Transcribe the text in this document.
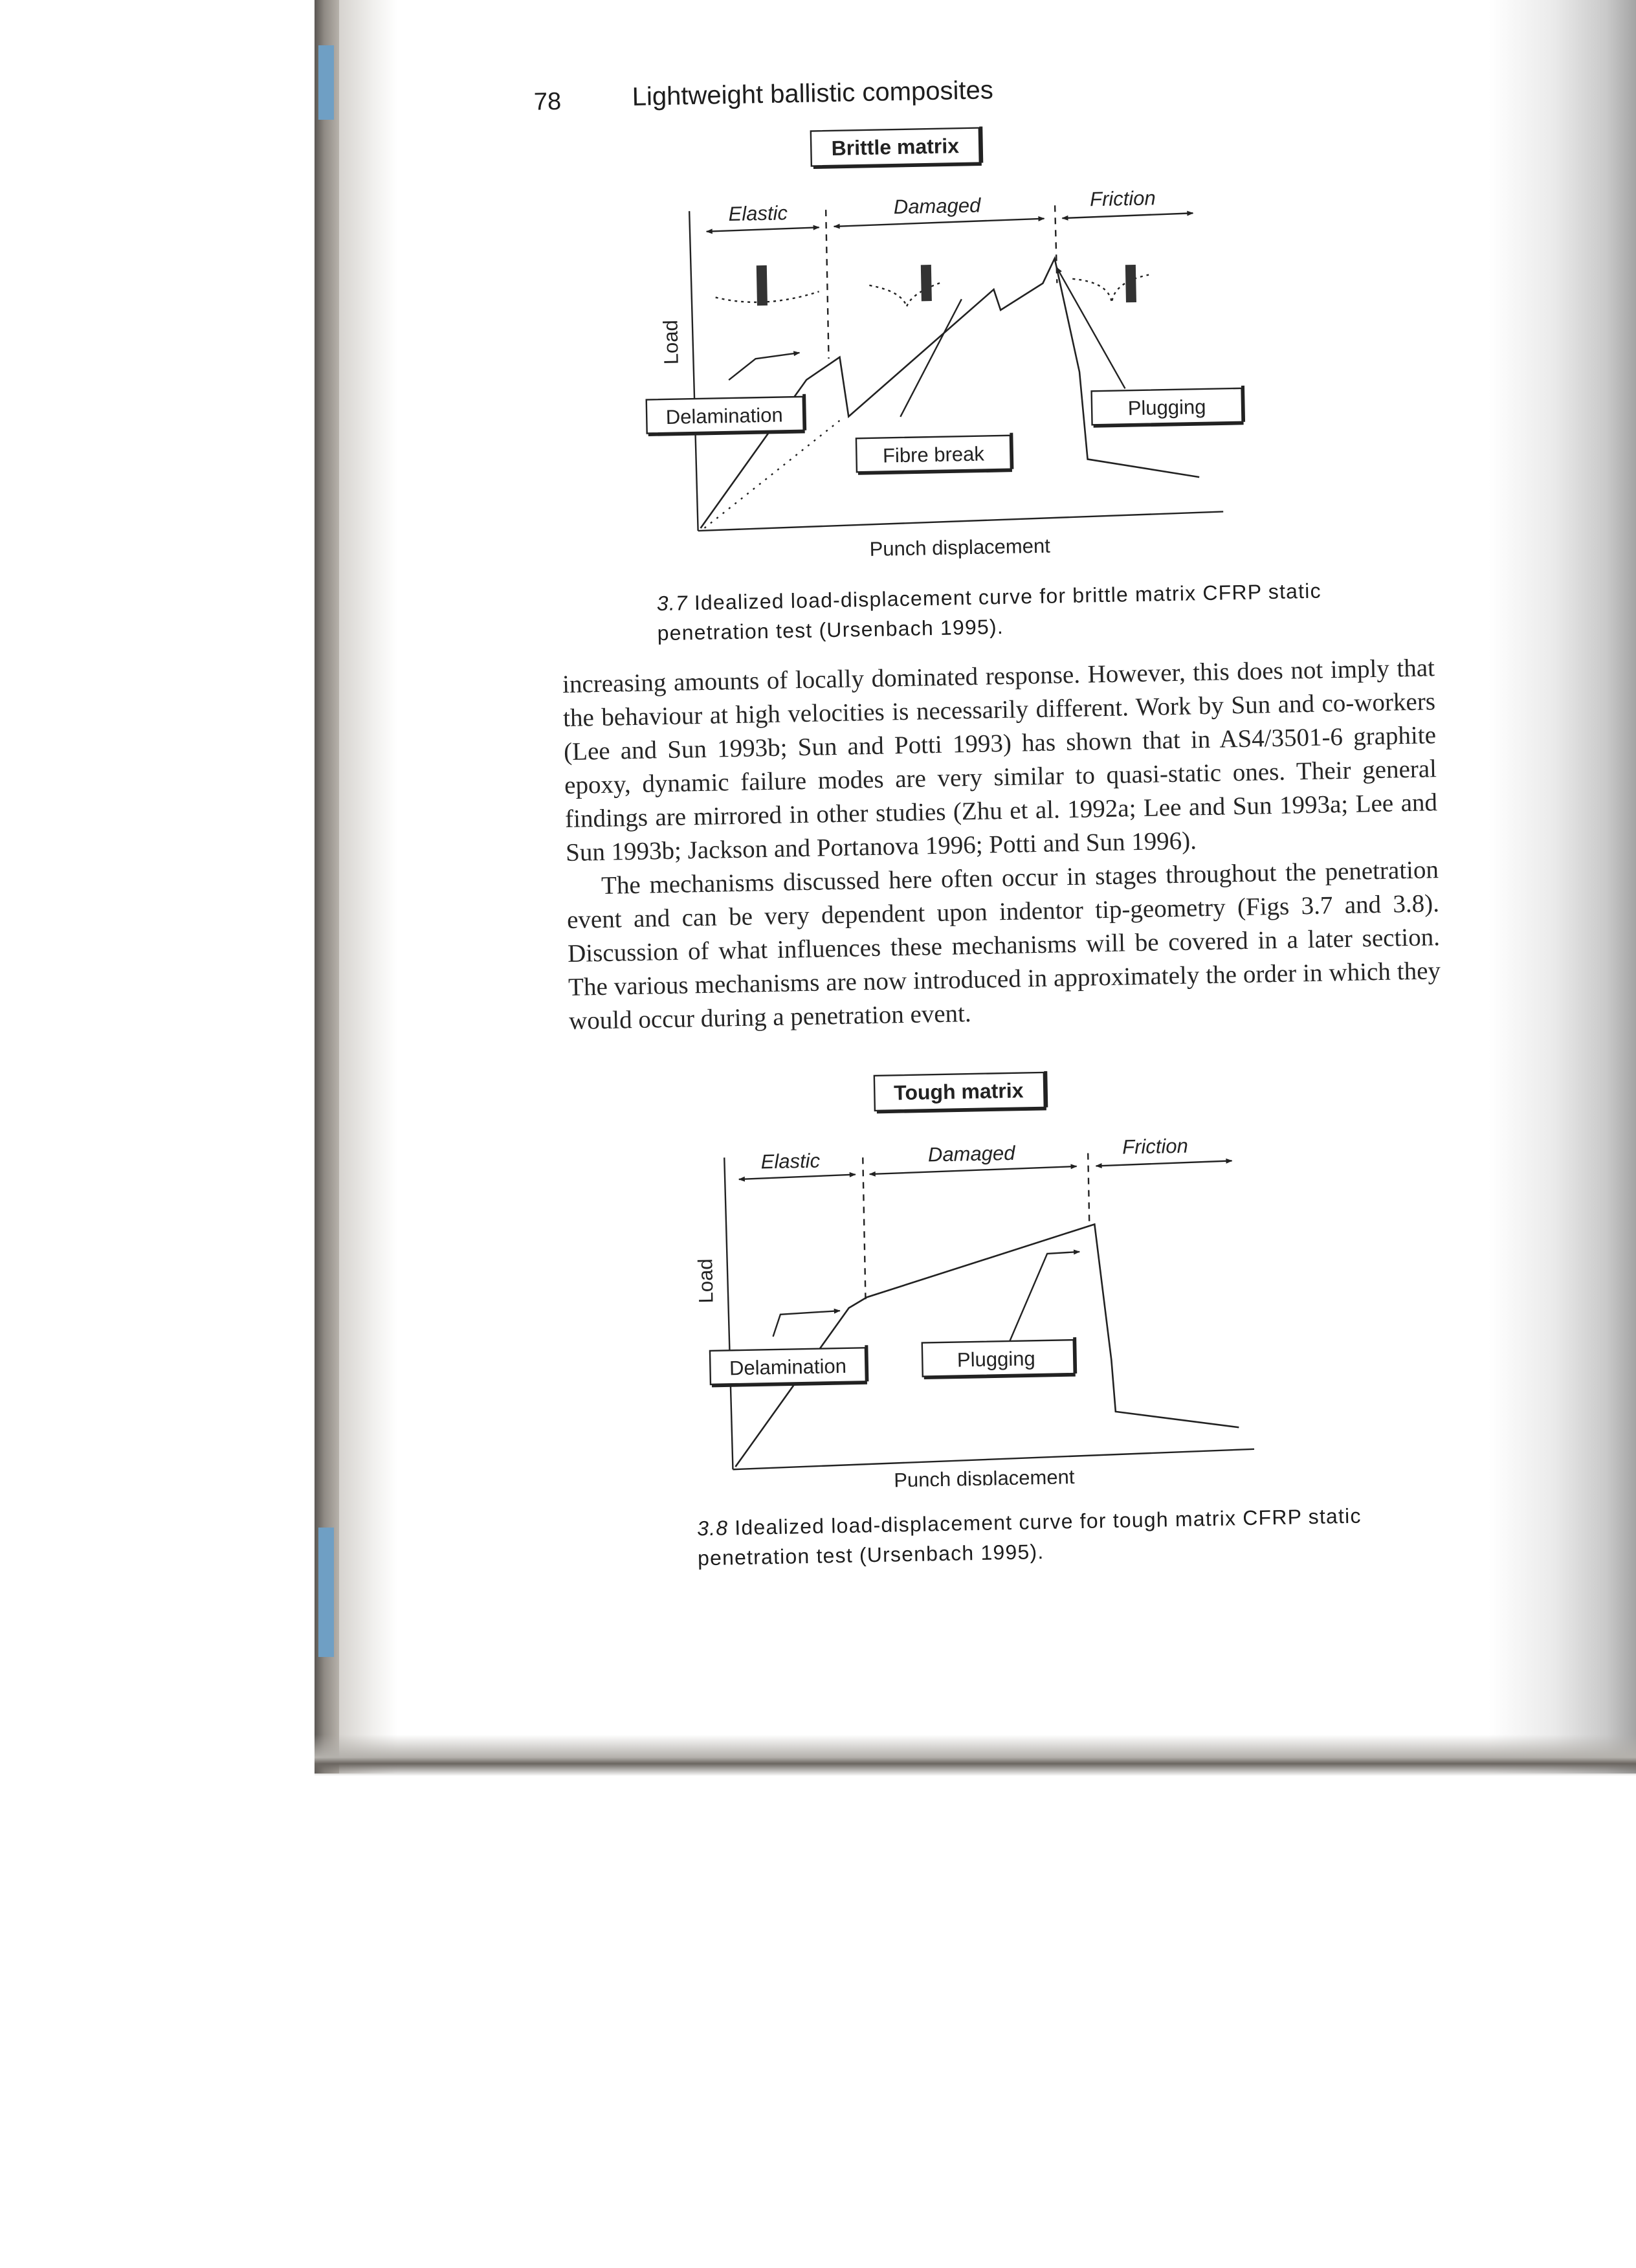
78	Lightweight ballistic composites
Brittle matrix
Elastic	Damaged	Friction
Load
Delamination
Fibre break
Plugging
Punch displacement
3.7 Idealized load-displacement curve for brittle matrix CFRP static penetration test (Ursenbach 1995).

increasing amounts of locally dominated response. However, this does not imply that the behaviour at high velocities is necessarily different. Work by Sun and co-workers (Lee and Sun 1993b; Sun and Potti 1993) has shown that in AS4/3501-6 graphite epoxy, dynamic failure modes are very similar to quasi-static ones. Their general findings are mirrored in other studies (Zhu et al. 1992a; Lee and Sun 1993a; Lee and Sun 1993b; Jackson and Portanova 1996; Potti and Sun 1996).

The mechanisms discussed here often occur in stages throughout the penetration event and can be very dependent upon indentor tip-geometry (Figs 3.7 and 3.8). Discussion of what influences these mechanisms will be covered in a later section. The various mechanisms are now introduced in approximately the order in which they would occur during a penetration event.

Tough matrix
Elastic	Damaged	Friction
Load
Delamination	Plugging
Punch displacement
3.8 Idealized load-displacement curve for tough matrix CFRP static penetration test (Ursenbach 1995).
